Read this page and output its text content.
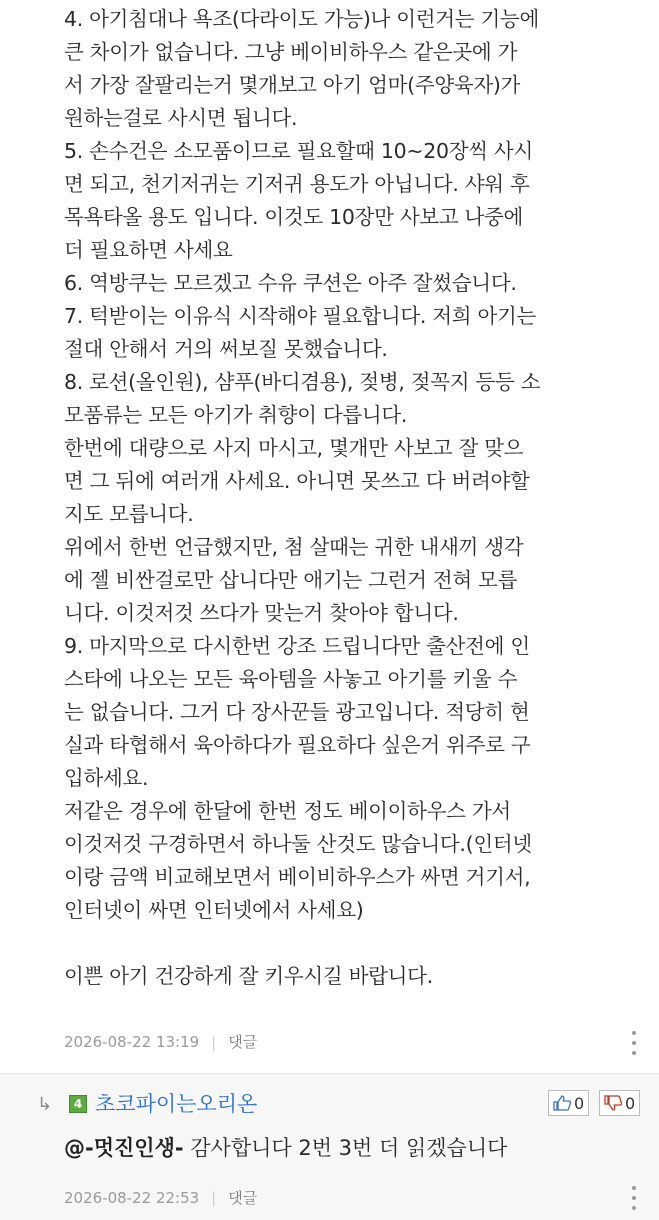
4. 아기침대나 욕조(다라이도 가능)나 이런거는 기능에
큰 차이가 없습니다. 그냥 베이비하우스 같은곳에 가
서 가장 잘팔리는거 몇개보고 아기 엄마(주양육자)가
원하는걸로 사시면 됩니다.
5. 손수건은 소모품이므로 필요할때 10~20장씩 사시
면 되고, 천기저귀는 기저귀 용도가 아닙니다. 샤워 후
목욕타올 용도 입니다. 이것도 10장만 사보고 나중에
더 필요하면 사세요
6. 역방쿠는 모르겠고 수유 쿠션은 아주 잘썼습니다.
7. 턱받이는 이유식 시작해야 필요합니다. 저희 아기는
절대 안해서 거의 써보질 못했습니다.
8. 로션(올인원), 샴푸(바디겸용), 젖병, 젖꼭지 등등 소
모품류는 모든 아기가 취향이 다릅니다.
한번에 대량으로 사지 마시고, 몇개만 사보고 잘 맞으
면 그 뒤에 여러개 사세요. 아니면 못쓰고 다 버려야할
지도 모릅니다.
위에서 한번 언급했지만, 첨 살때는 귀한 내새끼 생각
에 젤 비싼걸로만 삽니다만 애기는 그런거 전혀 모릅
니다. 이것저것 쓰다가 맞는거 찾아야 합니다.
9. 마지막으로 다시한번 강조 드립니다만 출산전에 인
스타에 나오는 모든 육아템을 사놓고 아기를 키울 수
는 없습니다. 그거 다 장사꾼들 광고입니다. 적당히 현
실과 타협해서 육아하다가 필요하다 싶은거 위주로 구
입하세요.
저같은 경우에 한달에 한번 정도 베이이하우스 가서
이것저것 구경하면서 하나둘 산것도 많습니다.(인터넷
이랑 금액 비교해보면서 베이비하우스가 싸면 거기서,
인터넷이 싸면 인터넷에서 사세요)
이쁜 아기 건강하게 잘 키우시길 바랍니다.
2026-08-22 13:19 | 댓글
↳	4 초코파이는오리온	0	0
@-멋진인생- 감사합니다 2번 3번 더 읽겠습니다
2026-08-22 22:53 | 댓글
